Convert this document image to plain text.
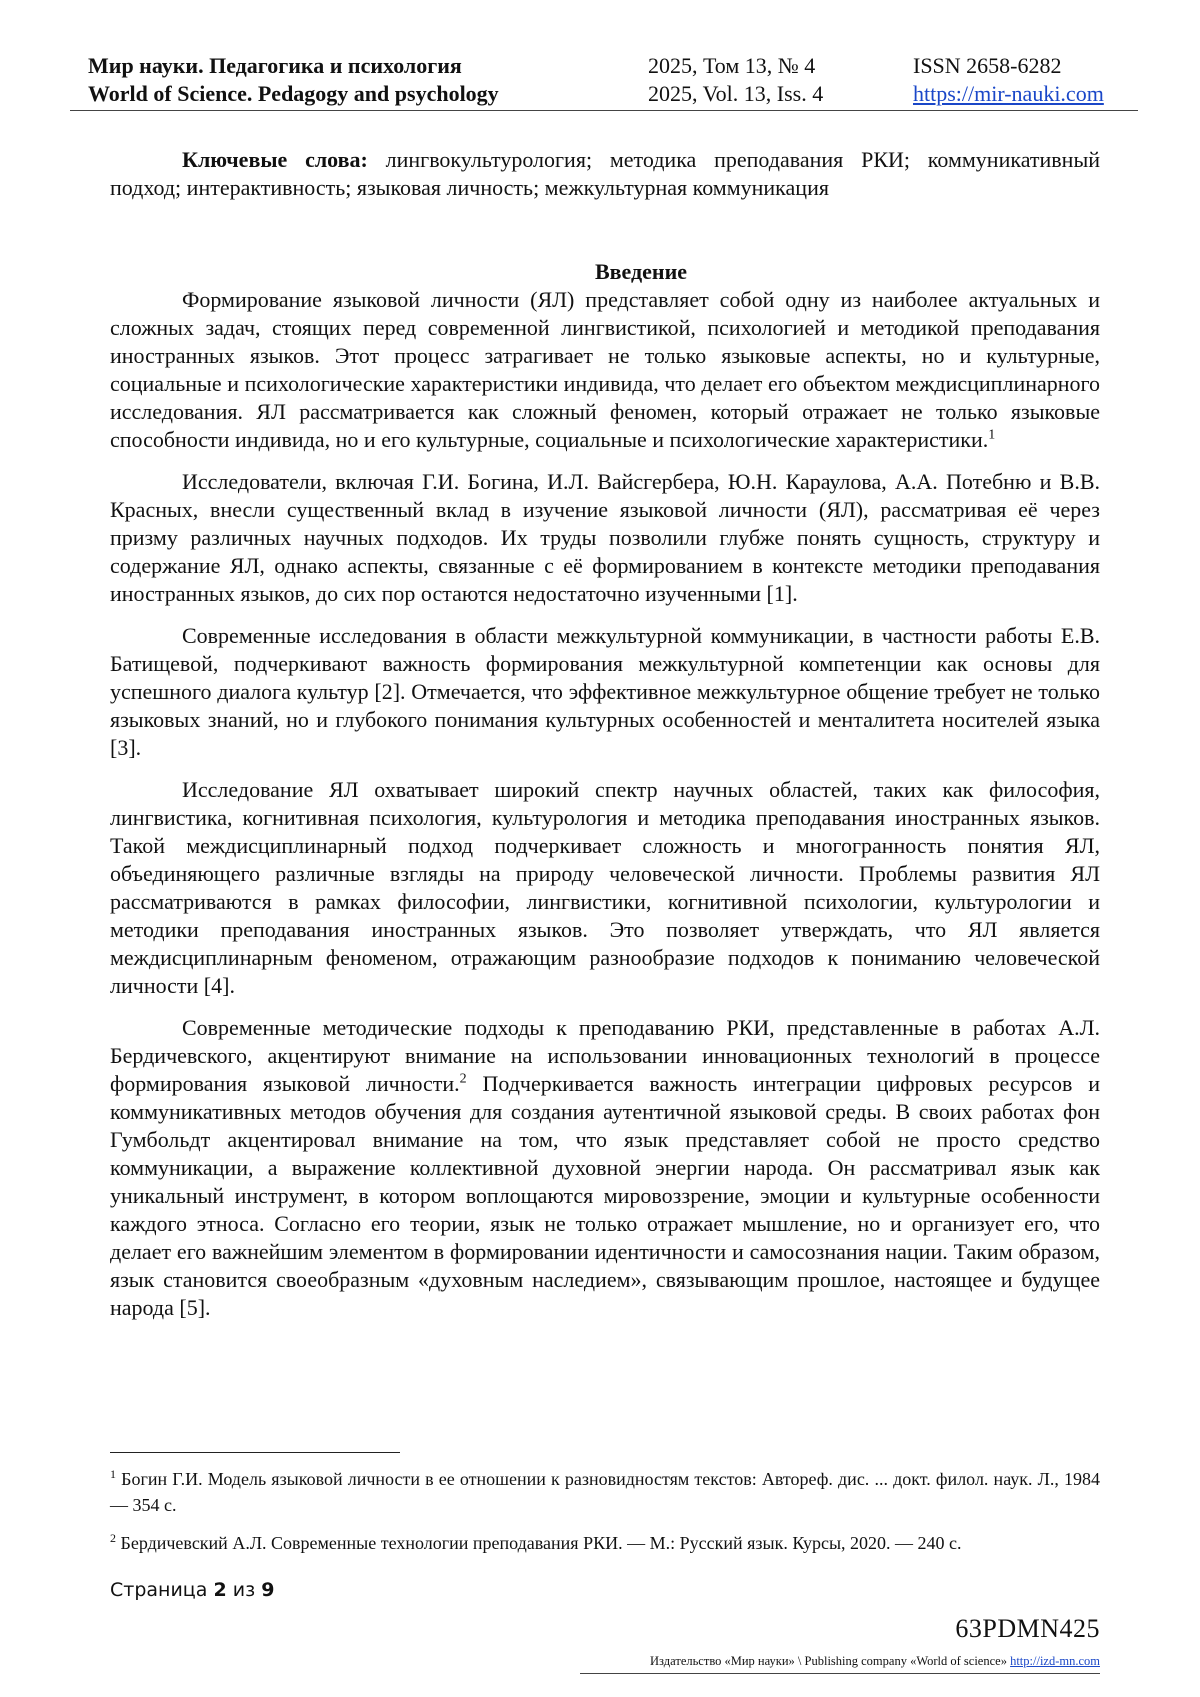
Мир науки. Педагогика и психология	2025, Том 13, № 4	ISSN 2658-6282
World of Science. Pedagogy and psychology	2025, Vol. 13, Iss. 4	https://mir-nauki.com

Ключевые слова: лингвокультурология; методика преподавания РКИ; коммуникативный подход; интерактивность; языковая личность; межкультурная коммуникация

Введение

Формирование языковой личности (ЯЛ) представляет собой одну из наиболее актуальных и сложных задач, стоящих перед современной лингвистикой, психологией и методикой преподавания иностранных языков. Этот процесс затрагивает не только языковые аспекты, но и культурные, социальные и психологические характеристики индивида, что делает его объектом междисциплинарного исследования. ЯЛ рассматривается как сложный феномен, который отражает не только языковые способности индивида, но и его культурные, социальные и психологические характеристики.$^1$

Исследователи, включая Г.И. Богина, И.Л. Вайсгербера, Ю.Н. Караулова, А.А. Потебню и В.В. Красных, внесли существенный вклад в изучение языковой личности (ЯЛ), рассматривая её через призму различных научных подходов. Их труды позволили глубже понять сущность, структуру и содержание ЯЛ, однако аспекты, связанные с её формированием в контексте методики преподавания иностранных языков, до сих пор остаются недостаточно изученными [1].

Современные исследования в области межкультурной коммуникации, в частности работы Е.В. Батищевой, подчеркивают важность формирования межкультурной компетенции как основы для успешного диалога культур [2]. Отмечается, что эффективное межкультурное общение требует не только языковых знаний, но и глубокого понимания культурных особенностей и менталитета носителей языка [3].

Исследование ЯЛ охватывает широкий спектр научных областей, таких как философия, лингвистика, когнитивная психология, культурология и методика преподавания иностранных языков. Такой междисциплинарный подход подчеркивает сложность и многогранность понятия ЯЛ, объединяющего различные взгляды на природу человеческой личности. Проблемы развития ЯЛ рассматриваются в рамках философии, лингвистики, когнитивной психологии, культурологии и методики преподавания иностранных языков. Это позволяет утверждать, что ЯЛ является междисциплинарным феноменом, отражающим разнообразие подходов к пониманию человеческой личности [4].

Современные методические подходы к преподаванию РКИ, представленные в работах А.Л. Бердичевского, акцентируют внимание на использовании инновационных технологий в процессе формирования языковой личности.$^2$ Подчеркивается важность интеграции цифровых ресурсов и коммуникативных методов обучения для создания аутентичной языковой среды. В своих работах фон Гумбольдт акцентировал внимание на том, что язык представляет собой не просто средство коммуникации, а выражение коллективной духовной энергии народа. Он рассматривал язык как уникальный инструмент, в котором воплощаются мировоззрение, эмоции и культурные особенности каждого этноса. Согласно его теории, язык не только отражает мышление, но и организует его, что делает его важнейшим элементом в формировании идентичности и самосознания нации. Таким образом, язык становится своеобразным «духовным наследием», связывающим прошлое, настоящее и будущее народа [5].

$^1$ Богин Г.И. Модель языковой личности в ее отношении к разновидностям текстов: Автореф. дис. ... докт. филол. наук. Л., 1984 — 354 с.

$^2$ Бердичевский А.Л. Современные технологии преподавания РКИ. — М.: Русский язык. Курсы, 2020. — 240 с.

Страница 2 из 9
63PDMN425
Издательство «Мир науки» \ Publishing company «World of science» http://izd-mn.com
